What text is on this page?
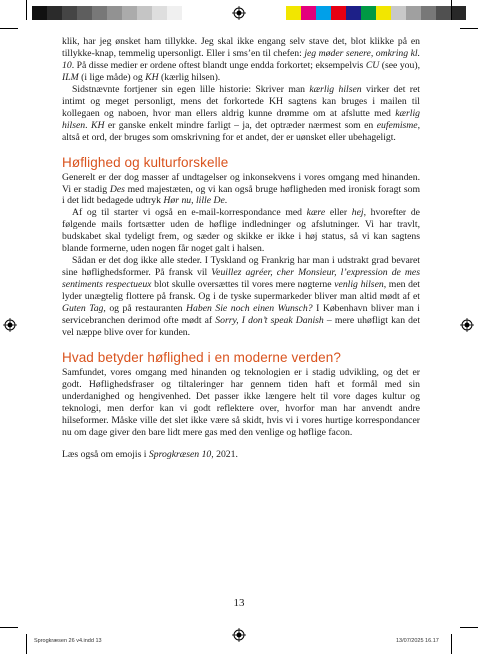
klik, har jeg ønsket ham tillykke. Jeg skal ikke engang selv stave det, blot klikke på en tillykke-knap, temmelig upersonligt. Eller i sms’en til chefen: jeg møder senere, omkring kl. 10. På disse medier er ordene oftest blandt unge endda forkortet; eksempelvis CU (see you), ILM (i lige måde) og KH (kærlig hilsen).

Sidstnævnte fortjener sin egen lille historie: Skriver man kærlig hilsen virker det ret intimt og meget personligt, mens det forkortede KH sagtens kan bruges i mailen til kollegaen og naboen, hvor man ellers aldrig kunne drømme om at afslutte med kærlig hilsen. KH er ganske enkelt mindre farligt – ja, det optræder nærmest som en eufemisme, altså et ord, der bruges som omskrivning for et andet, der er uønsket eller ubehageligt.

Høflighed og kulturforskelle

Generelt er der dog masser af undtagelser og inkonsekvens i vores omgang med hinanden. Vi er stadig Des med majestæten, og vi kan også bruge høfligheden med ironisk foragt som i det lidt bedagede udtryk Hør nu, lille De.

Af og til starter vi også en e-mail-korrespondance med kære eller hej, hvorefter de følgende mails fortsætter uden de høflige indledninger og afslutninger. Vi har travlt, budskabet skal tydeligt frem, og sæder og skikke er ikke i høj status, så vi kan sagtens blande formerne, uden nogen får noget galt i halsen.

Sådan er det dog ikke alle steder. I Tyskland og Frankrig har man i udstrakt grad bevaret sine høflighedsformer. På fransk vil Veuillez agréer, cher Monsieur, l’expression de mes sentiments respectueux blot skulle oversættes til vores mere nøgterne venlig hilsen, men det lyder unægtelig flottere på fransk. Og i de tyske supermarkeder bliver man altid mødt af et Guten Tag, og på restauranten Haben Sie noch einen Wunsch? I København bliver man i servicebranchen derimod ofte mødt af Sorry, I don’t speak Danish – mere uhøfligt kan det vel næppe blive over for kunden.

Hvad betyder høflighed i en moderne verden?

Samfundet, vores omgang med hinanden og teknologien er i stadig udvikling, og det er godt. Høflighedsfraser og tiltaleringer har gennem tiden haft et formål med sin underdanighed og hengivenhed. Det passer ikke længere helt til vore dages kultur og teknologi, men derfor kan vi godt reflektere over, hvorfor man har anvendt andre hilseformer. Måske ville det slet ikke være så skidt, hvis vi i vores hurtige korrespondancer nu om dage giver den bare lidt mere gas med den venlige og høflige facon.

Læs også om emojis i Sprogkræsen 10, 2021.

13
Sprogkræsen 26 v4.indd 13	13/07/2025 16.17
